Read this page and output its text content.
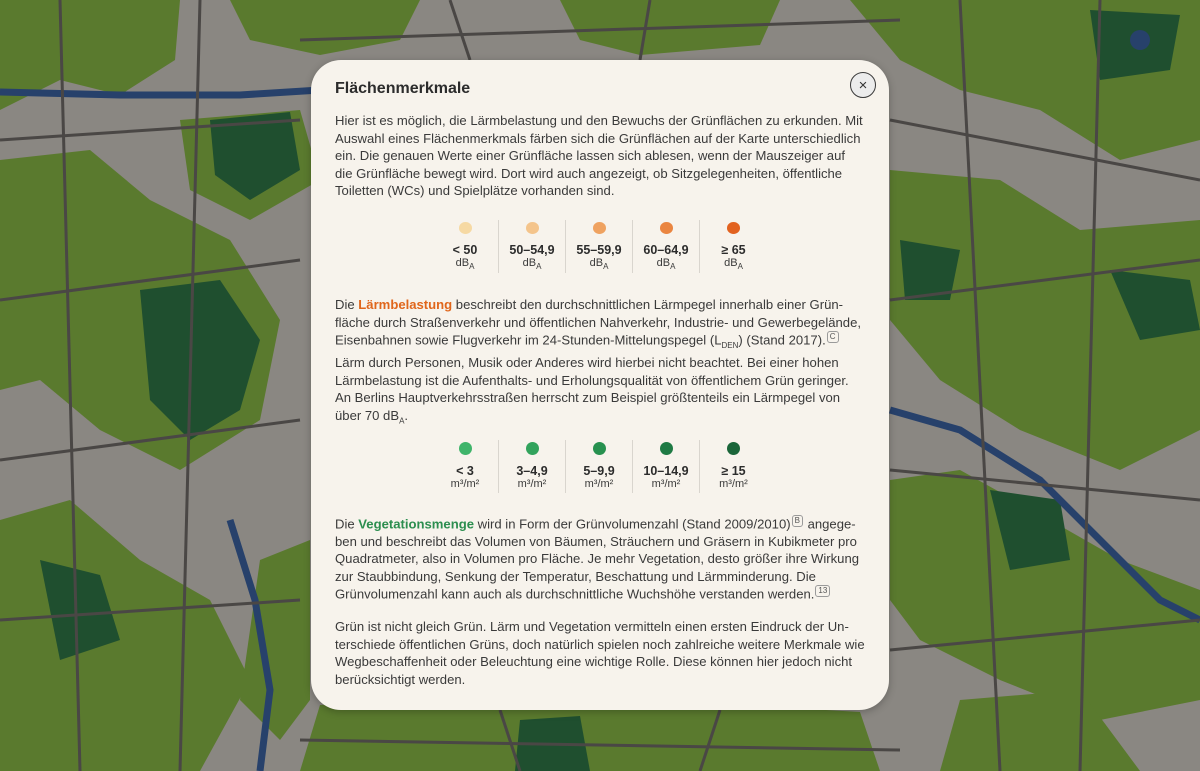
Flächenmerkmale	×

Hier ist es möglich, die Lärmbelastung und den Bewuchs der Grünflächen zu erkunden. Mit Auswahl eines Flächenmerkmals färben sich die Grünflächen auf der Karte unterschiedlich ein. Die genauen Werte einer Grünfläche lassen sich ablesen, wenn der Mauszeiger auf die Grünfläche bewegt wird. Dort wird auch angezeigt, ob Sitzgelegenheiten, öffentliche Toiletten (WCs) und Spielplätze vorhanden sind.

< 50
$dB_A$
50–54,9
$dB_A$
55–59,9
$dB_A$
60–64,9
$dB_A$
≥ 65
$dB_A$

Die Lärmbelastung beschreibt den durchschnittlichen Lärmpegel innerhalb einer Grünfläche durch Straßenverkehr und öffentlichen Nahverkehr, Industrie- und Gewerbegelände, Eisenbahnen sowie Flugverkehr im 24-Stunden-Mittelungspegel $(L_{DEN})$ (Stand 2017). C Lärm durch Personen, Musik oder Anderes wird hierbei nicht beachtet. Bei einer hohen Lärmbelastung ist die Aufenthalts- und Erholungsqualität von öffentlichem Grün geringer. An Berlins Hauptverkehrsstraßen herrscht zum Beispiel größtenteils ein Lärmpegel von über 70 $dB_A$.

< 3
m³/m²
3–4,9
m³/m²
5–9,9
m³/m²
10–14,9
m³/m²
≥ 15
m³/m²

Die Vegetationsmenge wird in Form der Grünvolumenzahl (Stand 2009/2010) B angegeben und beschreibt das Volumen von Bäumen, Sträuchern und Gräsern in Kubikmeter pro Quadratmeter, also in Volumen pro Fläche. Je mehr Vegetation, desto größer ihre Wirkung zur Staubbindung, Senkung der Temperatur, Beschattung und Lärmminderung. Die Grünvolumenzahl kann auch als durchschnittliche Wuchshöhe verstanden werden. 13

Grün ist nicht gleich Grün. Lärm und Vegetation vermitteln einen ersten Eindruck der Unterschiede öffentlichen Grüns, doch natürlich spielen noch zahlreiche weitere Merkmale wie Wegbeschaffenheit oder Beleuchtung eine wichtige Rolle. Diese können hier jedoch nicht berücksichtigt werden.
